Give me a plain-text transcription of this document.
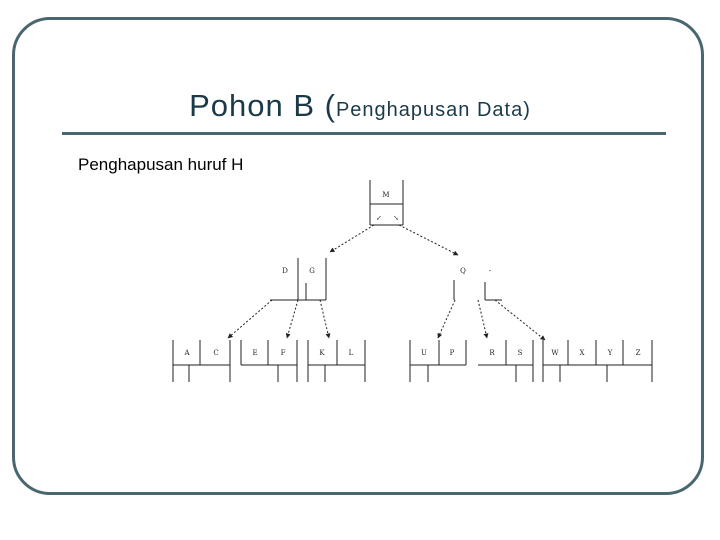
Pohon B (Penghapusan Data)
Penghapusan huruf H
M
↙ ↘
D	G	Q	-
A	C	E	F	K	L	U	P	R	S	W	X	Y	Z
